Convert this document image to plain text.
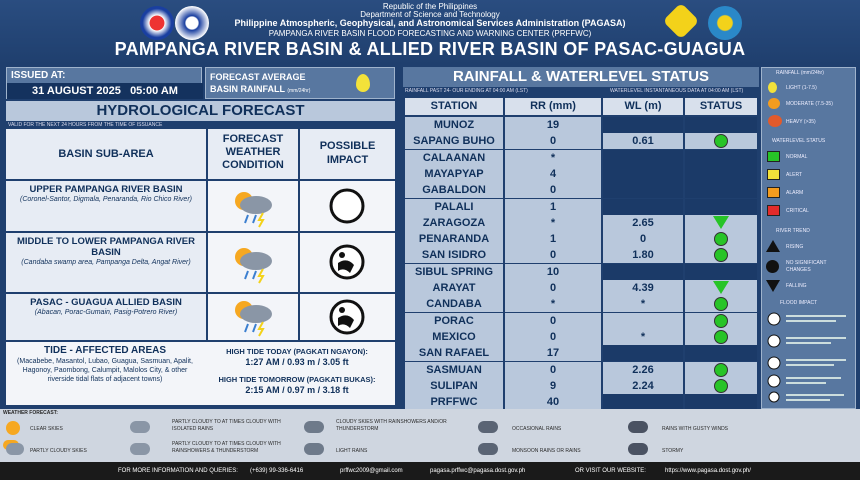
Republic of the Philippines
Department of Science and Technology
Philippine Atmospheric, Geophysical, and Astronomical Services Administration (PAGASA)
PAMPANGA RIVER BASIN FLOOD FORECASTING AND WARNING CENTER (PRFFWC)
PAMPANGA RIVER BASIN & ALLIED RIVER BASIN OF PASAC-GUAGUA
ISSUED AT:
31 AUGUST 2025 05:00 AM
FORECAST AVERAGE
BASIN RAINFALL (mm/24hr)
HYDROLOGICAL FORECAST
VALID FOR THE NEXT 24 HOURS FROM THE TIME OF ISSUANCE
BASIN SUB-AREA
FORECAST WEATHER CONDITION
POSSIBLE IMPACT
UPPER PAMPANGA RIVER BASIN
(Coronel-Santor, Digmala, Penaranda, Rio Chico River)
MIDDLE TO LOWER PAMPANGA RIVER BASIN
(Candaba swamp area, Pampanga Delta, Angat River)
PASAC - GUAGUA ALLIED BASIN
(Abacan, Porac-Gumain, Pasig-Potrero River)
TIDE - AFFECTED AREAS
(Macabebe, Masantol, Lubao, Guagua, Sasmuan, Apalit, Hagonoy, Paombong, Calumpit, Malolos City, & other riverside tidal flats of adjacent towns)
HIGH TIDE TODAY (PAGKATI NGAYON):
1:27 AM / 0.93 m / 3.05 ft
HIGH TIDE TOMORROW (PAGKATI BUKAS):
2:15 AM / 0.97 m / 3.18 ft
RAINFALL & WATERLEVEL STATUS
RAINFALL PAST 24- OUR ENDING AT 04:00 AM (LST)	WATERLEVEL INSTANTANEOUS DATA AT 04:00 AM (LST)
STATION	RR (mm)	WL (m)	STATUS
MUNOZ	19
SAPANG BUHO	0	0.61
CALAANAN	*
MAYAPYAP	4
GABALDON	0
PALALI	1
ZARAGOZA	*	2.65
PENARANDA	1	0
SAN ISIDRO	0	1.80
SIBUL SPRING	10
ARAYAT	0	4.39
CANDABA	*	*
PORAC	0
MEXICO	0	*
SAN RAFAEL	17
SASMUAN	0	2.26
SULIPAN	9	2.24
PRFFWC	40
RAINFALL (mm/24hr)
LIGHT (1-7.5)
MODERATE (7.5-35)
HEAVY (>35)
WATERLEVEL STATUS
NORMAL
ALERT
ALARM
CRITICAL
RIVER TREND
RISING
NO SIGNIFICANT CHANGES
FALLING
FLOOD IMPACT
WEATHER FORECAST:
CLEAR SKIES
PARTLY CLOUDY SKIES
PARTLY CLOUDY TO AT TIMES CLOUDY WITH ISOLATED RAINS
PARTLY CLOUDY TO AT TIMES CLOUDY WITH RAINSHOWERS & THUNDERSTORM
CLOUDY SKIES WITH RAINSHOWERS AND/OR THUNDERSTORM
LIGHT RAINS
OCCASIONAL RAINS
MONSOON RAINS OR RAINS
RAINS WITH GUSTY WINDS
STORMY
FOR MORE INFORMATION AND QUERIES: (+639) 99-336-6416	prffwc2009@gmail.com	pagasa.prffwc@pagasa.dost.gov.ph	OR VISIT OUR WEBSITE:	https://www.pagasa.dost.gov.ph/
